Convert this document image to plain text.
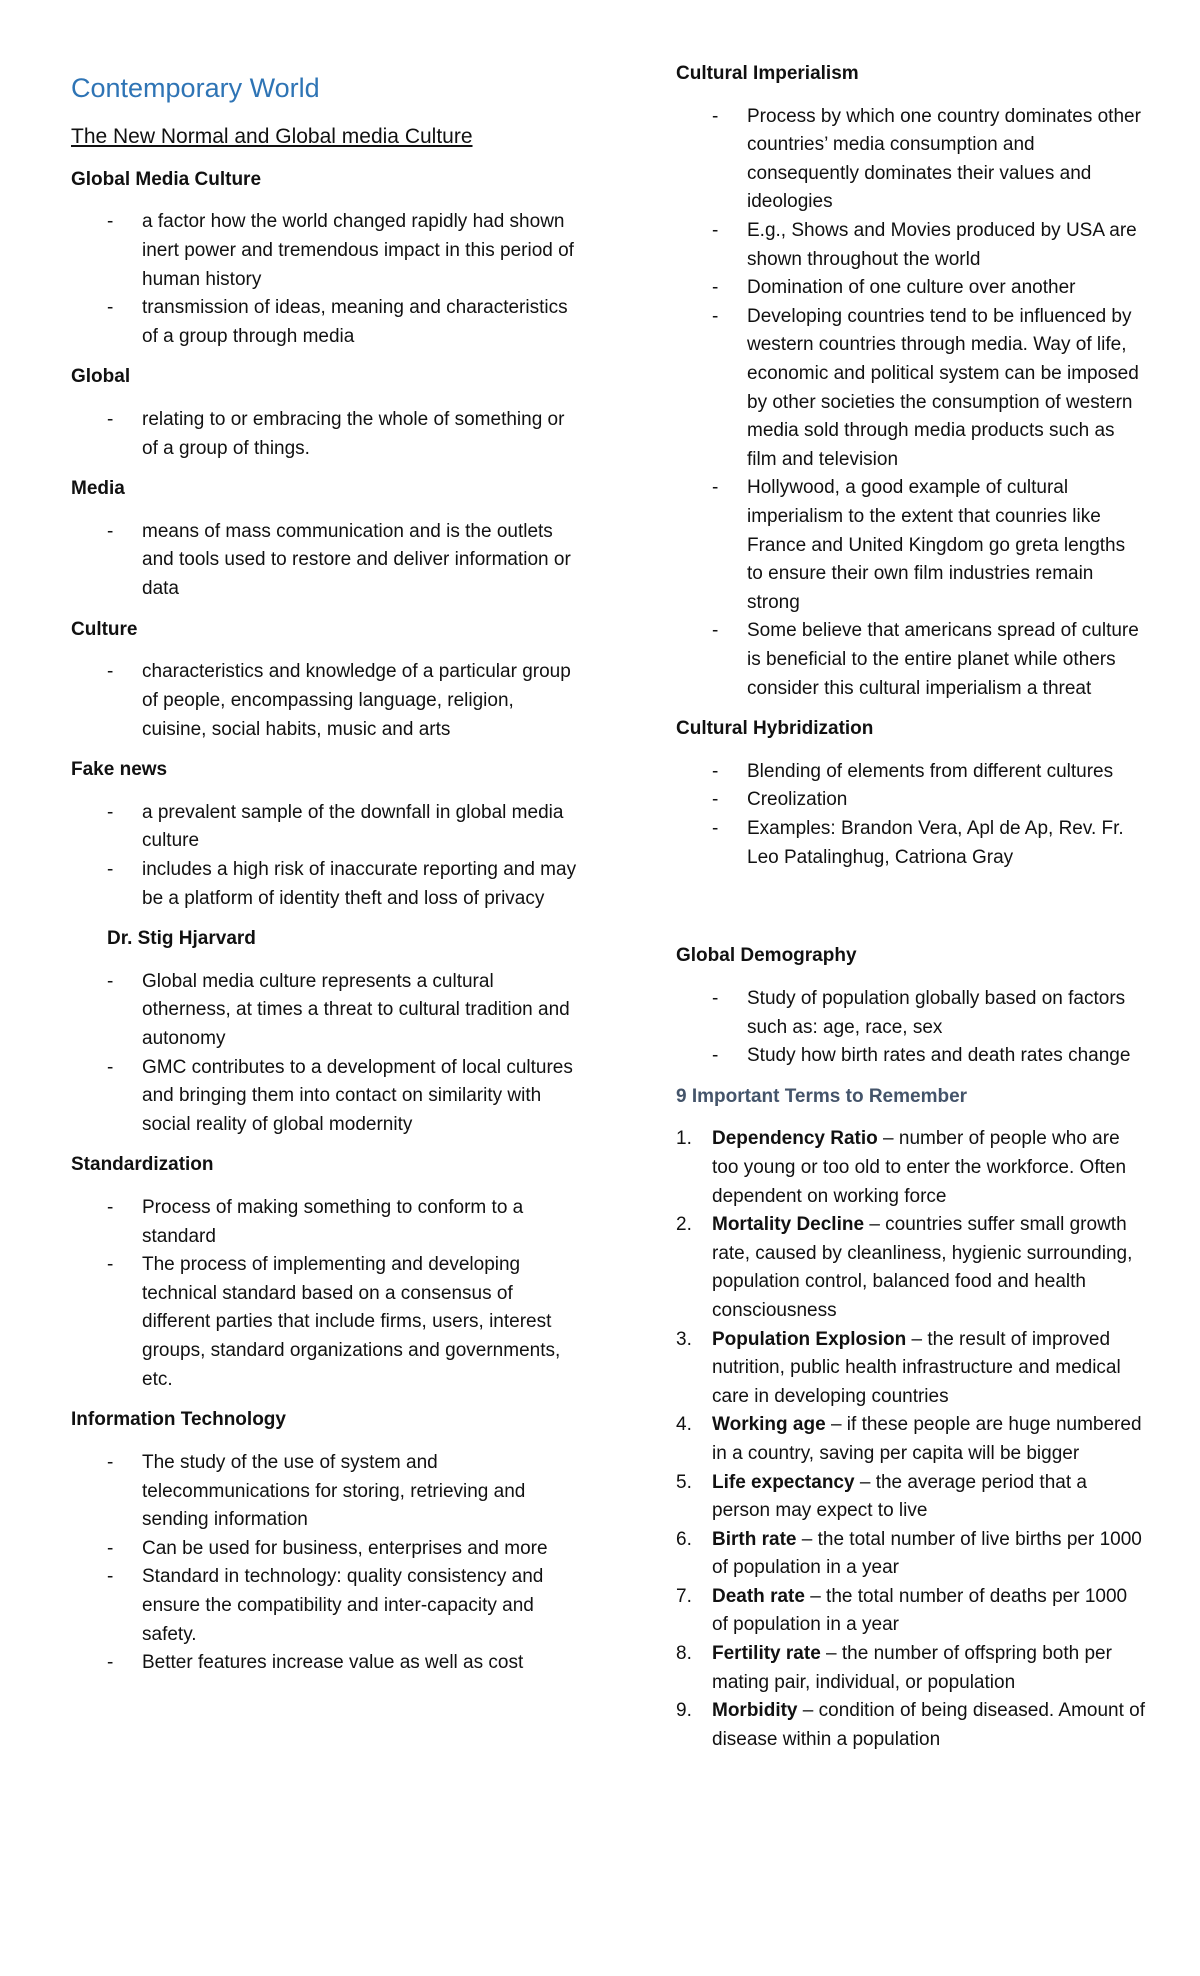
Contemporary World
The New Normal and Global media Culture
Global Media Culture
- a factor how the world changed rapidly had shown inert power and tremendous impact in this period of human history
- transmission of ideas, meaning and characteristics of a group through media
Global
- relating to or embracing the whole of something or of a group of things.
Media
- means of mass communication and is the outlets and tools used to restore and deliver information or data
Culture
- characteristics and knowledge of a particular group of people, encompassing language, religion, cuisine, social habits, music and arts
Fake news
- a prevalent sample of the downfall in global media culture
- includes a high risk of inaccurate reporting and may be a platform of identity theft and loss of privacy
Dr. Stig Hjarvard
- Global media culture represents a cultural otherness, at times a threat to cultural tradition and autonomy
- GMC contributes to a development of local cultures and bringing them into contact on similarity with social reality of global modernity
Standardization
- Process of making something to conform to a standard
- The process of implementing and developing technical standard based on a consensus of different parties that include firms, users, interest groups, standard organizations and governments, etc.
Information Technology
- The study of the use of system and telecommunications for storing, retrieving and sending information
- Can be used for business, enterprises and more
- Standard in technology: quality consistency and ensure the compatibility and inter-capacity and safety.
- Better features increase value as well as cost
Cultural Imperialism
- Process by which one country dominates other countries’ media consumption and consequently dominates their values and ideologies
- E.g., Shows and Movies produced by USA are shown throughout the world
- Domination of one culture over another
- Developing countries tend to be influenced by western countries through media. Way of life, economic and political system can be imposed by other societies the consumption of western media sold through media products such as film and television
- Hollywood, a good example of cultural imperialism to the extent that counries like France and United Kingdom go greta lengths to ensure their own film industries remain strong
- Some believe that americans spread of culture is beneficial to the entire planet while others consider this cultural imperialism a threat
Cultural Hybridization
- Blending of elements from different cultures
- Creolization
- Examples: Brandon Vera, Apl de Ap, Rev. Fr. Leo Patalinghug, Catriona Gray
Global Demography
- Study of population globally based on factors such as: age, race, sex
- Study how birth rates and death rates change
9 Important Terms to Remember
1. Dependency Ratio – number of people who are too young or too old to enter the workforce. Often dependent on working force
2. Mortality Decline – countries suffer small growth rate, caused by cleanliness, hygienic surrounding, population control, balanced food and health consciousness
3. Population Explosion – the result of improved nutrition, public health infrastructure and medical care in developing countries
4. Working age – if these people are huge numbered in a country, saving per capita will be bigger
5. Life expectancy – the average period that a person may expect to live
6. Birth rate – the total number of live births per 1000 of population in a year
7. Death rate – the total number of deaths per 1000 of population in a year
8. Fertility rate – the number of offspring both per mating pair, individual, or population
9. Morbidity – condition of being diseased. Amount of disease within a population
